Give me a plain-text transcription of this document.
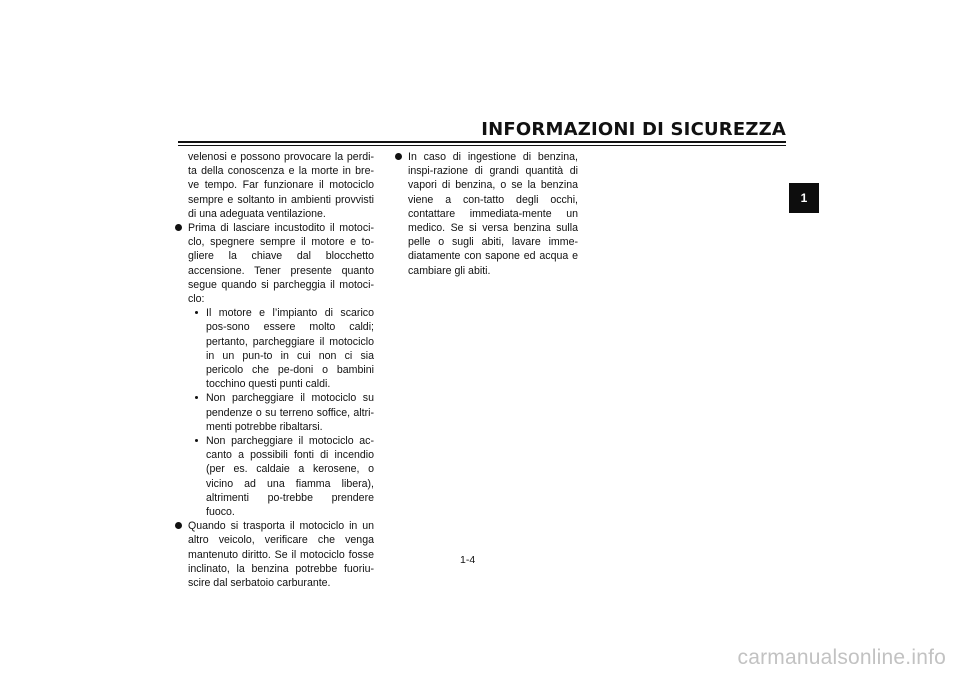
INFORMAZIONI DI SICUREZZA
1
velenosi e possono provocare la perdi-ta della conoscenza e la morte in bre-ve tempo. Far funzionare il motociclo sempre e soltanto in ambienti provvisti di una adeguata ventilazione.
Prima di lasciare incustodito il motoci-clo, spegnere sempre il motore e to-gliere la chiave dal blocchetto accensione. Tener presente quanto segue quando si parcheggia il motoci-clo:
Il motore e l’impianto di scarico pos-sono essere molto caldi; pertanto, parcheggiare il motociclo in un pun-to in cui non ci sia pericolo che pe-doni o bambini tocchino questi punti caldi.
Non parcheggiare il motociclo su pendenze o su terreno soffice, altri-menti potrebbe ribaltarsi.
Non parcheggiare il motociclo ac-canto a possibili fonti di incendio (per es. caldaie a kerosene, o vicino ad una fiamma libera), altrimenti po-trebbe prendere fuoco.
Quando si trasporta il motociclo in un altro veicolo, verificare che venga mantenuto diritto. Se il motociclo fosse inclinato, la benzina potrebbe fuoriu-scire dal serbatoio carburante.
In caso di ingestione di benzina, inspi-razione di grandi quantità di vapori di benzina, o se la benzina viene a con-tatto degli occhi, contattare immediata-mente un medico. Se si versa benzina sulla pelle o sugli abiti, lavare imme-diatamente con sapone ed acqua e cambiare gli abiti.
1-4
carmanualsonline.info
